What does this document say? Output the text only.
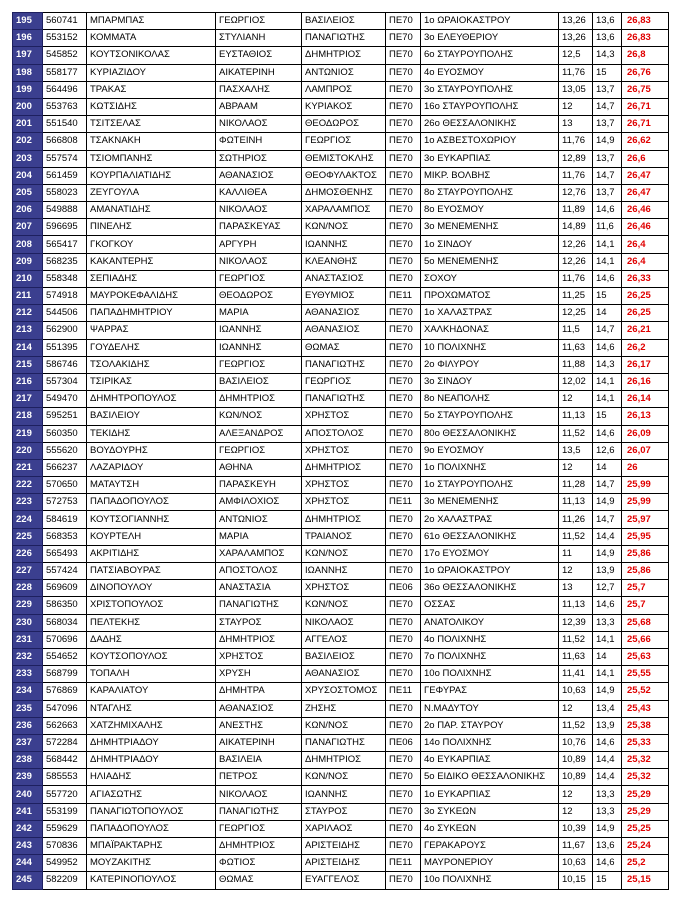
195	560741	ΜΠΑΡΜΠΑΣ	ΓΕΩΡΓΙΟΣ	ΒΑΣΙΛΕΙΟΣ	ΠΕ70	1ο ΩΡΑΙΟΚΑΣΤΡΟΥ	13,26	13,6	26,83
196	553152	ΚΟΜΜΑΤΑ	ΣΤΥΛΙΑΝΗ	ΠΑΝΑΓΙΩΤΗΣ	ΠΕ70	3ο ΕΛΕΥΘΕΡΙΟΥ	13,26	13,6	26,83
197	545852	ΚΟΥΤΣΟΝΙΚΟΛΑΣ	ΕΥΣΤΑΘΙΟΣ	ΔΗΜΗΤΡΙΟΣ	ΠΕ70	6ο ΣΤΑΥΡΟΥΠΟΛΗΣ	12,5	14,3	26,8
198	558177	ΚΥΡΙΑΖΙΔΟΥ	ΑΙΚΑΤΕΡΙΝΗ	ΑΝΤΩΝΙΟΣ	ΠΕ70	4ο ΕΥΟΣΜΟΥ	11,76	15	26,76
199	564496	ΤΡΑΚΑΣ	ΠΑΣΧΑΛΗΣ	ΛΑΜΠΡΟΣ	ΠΕ70	3ο ΣΤΑΥΡΟΥΠΟΛΗΣ	13,05	13,7	26,75
200	553763	ΚΩΤΣΙΔΗΣ	ΑΒΡΑΑΜ	ΚΥΡΙΑΚΟΣ	ΠΕ70	16ο ΣΤΑΥΡΟΥΠΟΛΗΣ	12	14,7	26,71
201	551540	ΤΣΙΤΣΕΛΑΣ	ΝΙΚΟΛΑΟΣ	ΘΕΟΔΩΡΟΣ	ΠΕ70	26ο ΘΕΣΣΑΛΟΝΙΚΗΣ	13	13,7	26,71
202	566808	ΤΣΑΚΝΑΚΗ	ΦΩΤΕΙΝΗ	ΓΕΩΡΓΙΟΣ	ΠΕ70	1ο ΑΣΒΕΣΤΟΧΩΡΙΟΥ	11,76	14,9	26,62
203	557574	ΤΣΙΟΜΠΑΝΗΣ	ΣΩΤΗΡΙΟΣ	ΘΕΜΙΣΤΟΚΛΗΣ	ΠΕ70	3ο ΕΥΚΑΡΠΙΑΣ	12,89	13,7	26,6
204	561459	ΚΟΥΡΠΑΛΙΑΤΙΔΗΣ	ΑΘΑΝΑΣΙΟΣ	ΘΕΟΦΥΛΑΚΤΟΣ	ΠΕ70	ΜΙΚΡ. ΒΟΛΒΗΣ	11,76	14,7	26,47
205	558023	ΖΕΥΓΟΥΛΑ	ΚΑΛΛΙΘΕΑ	ΔΗΜΟΣΘΕΝΗΣ	ΠΕ70	8ο ΣΤΑΥΡΟΥΠΟΛΗΣ	12,76	13,7	26,47
206	549888	ΑΜΑΝΑΤΙΔΗΣ	ΝΙΚΟΛΑΟΣ	ΧΑΡΑΛΑΜΠΟΣ	ΠΕ70	8ο ΕΥΟΣΜΟΥ	11,89	14,6	26,46
207	596695	ΠΙΝΕΛΗΣ	ΠΑΡΑΣΚΕΥΑΣ	ΚΩΝ/ΝΟΣ	ΠΕ70	3ο ΜΕΝΕΜΕΝΗΣ	14,89	11,6	26,46
208	565417	ΓΚΟΓΚΟΥ	ΑΡΓΥΡΗ	ΙΩΑΝΝΗΣ	ΠΕ70	1ο ΣΙΝΔΟΥ	12,26	14,1	26,4
209	568235	ΚΑΚΑΝΤΕΡΗΣ	ΝΙΚΟΛΑΟΣ	ΚΛΕΑΝΘΗΣ	ΠΕ70	5ο ΜΕΝΕΜΕΝΗΣ	12,26	14,1	26,4
210	558348	ΣΕΠΙΑΔΗΣ	ΓΕΩΡΓΙΟΣ	ΑΝΑΣΤΑΣΙΟΣ	ΠΕ70	ΣΟΧΟΥ	11,76	14,6	26,33
211	574918	ΜΑΥΡΟΚΕΦΑΛΙΔΗΣ	ΘΕΟΔΩΡΟΣ	ΕΥΘΥΜΙΟΣ	ΠΕ11	ΠΡΟΧΩΜΑΤΟΣ	11,25	15	26,25
212	544506	ΠΑΠΑΔΗΜΗΤΡΙΟΥ	ΜΑΡΙΑ	ΑΘΑΝΑΣΙΟΣ	ΠΕ70	1ο ΧΑΛΑΣΤΡΑΣ	12,25	14	26,25
213	562900	ΨΑΡΡΑΣ	ΙΩΑΝΝΗΣ	ΑΘΑΝΑΣΙΟΣ	ΠΕ70	ΧΑΛΚΗΔΟΝΑΣ	11,5	14,7	26,21
214	551395	ΓΟΥΔΕΛΗΣ	ΙΩΑΝΝΗΣ	ΘΩΜΑΣ	ΠΕ70	10 ΠΟΛΙΧΝΗΣ	11,63	14,6	26,2
215	586746	ΤΣΟΛΑΚΙΔΗΣ	ΓΕΩΡΓΙΟΣ	ΠΑΝΑΓΙΩΤΗΣ	ΠΕ70	2ο ΦΙΛΥΡΟΥ	11,88	14,3	26,17
216	557304	ΤΣΙΡΙΚΑΣ	ΒΑΣΙΛΕΙΟΣ	ΓΕΩΡΓΙΟΣ	ΠΕ70	3ο ΣΙΝΔΟΥ	12,02	14,1	26,16
217	549470	ΔΗΜΗΤΡΟΠΟΥΛΟΣ	ΔΗΜΗΤΡΙΟΣ	ΠΑΝΑΓΙΩΤΗΣ	ΠΕ70	8ο ΝΕΑΠΟΛΗΣ	12	14,1	26,14
218	595251	ΒΑΣΙΛΕΙΟΥ	ΚΩΝ/ΝΟΣ	ΧΡΗΣΤΟΣ	ΠΕ70	5ο ΣΤΑΥΡΟΥΠΟΛΗΣ	11,13	15	26,13
219	560350	ΤΕΚΙΔΗΣ	ΑΛΕΞΑΝΔΡΟΣ	ΑΠΟΣΤΟΛΟΣ	ΠΕ70	80ο ΘΕΣΣΑΛΟΝΙΚΗΣ	11,52	14,6	26,09
220	555620	ΒΟΥΔΟΥΡΗΣ	ΓΕΩΡΓΙΟΣ	ΧΡΗΣΤΟΣ	ΠΕ70	9ο ΕΥΟΣΜΟΥ	13,5	12,6	26,07
221	566237	ΛΑΖΑΡΙΔΟΥ	ΑΘΗΝΑ	ΔΗΜΗΤΡΙΟΣ	ΠΕ70	1ο ΠΟΛΙΧΝΗΣ	12	14	26
222	570650	ΜΑΤΑΥΤΣΗ	ΠΑΡΑΣΚΕΥΗ	ΧΡΗΣΤΟΣ	ΠΕ70	1ο ΣΤΑΥΡΟΥΠΟΛΗΣ	11,28	14,7	25,99
223	572753	ΠΑΠΑΔΟΠΟΥΛΟΣ	ΑΜΦΙΛΟΧΙΟΣ	ΧΡΗΣΤΟΣ	ΠΕ11	3ο ΜΕΝΕΜΕΝΗΣ	11,13	14,9	25,99
224	584619	ΚΟΥΤΣΟΓΙΑΝΝΗΣ	ΑΝΤΩΝΙΟΣ	ΔΗΜΗΤΡΙΟΣ	ΠΕ70	2ο ΧΑΛΑΣΤΡΑΣ	11,26	14,7	25,97
225	568353	ΚΟΥΡΤΕΛΗ	ΜΑΡΙΑ	ΤΡΑΙΑΝΟΣ	ΠΕ70	61ο ΘΕΣΣΑΛΟΝΙΚΗΣ	11,52	14,4	25,95
226	565493	ΑΚΡΙΤΙΔΗΣ	ΧΑΡΑΛΑΜΠΟΣ	ΚΩΝ/ΝΟΣ	ΠΕ70	17ο ΕΥΟΣΜΟΥ	11	14,9	25,86
227	557424	ΠΑΤΣΙΑΒΟΥΡΑΣ	ΑΠΟΣΤΟΛΟΣ	ΙΩΑΝΝΗΣ	ΠΕ70	1ο ΩΡΑΙΟΚΑΣΤΡΟΥ	12	13,9	25,86
228	569609	ΔΙΝΟΠΟΥΛΟΥ	ΑΝΑΣΤΑΣΙΑ	ΧΡΗΣΤΟΣ	ΠΕ06	36ο ΘΕΣΣΑΛΟΝΙΚΗΣ	13	12,7	25,7
229	586350	ΧΡΙΣΤΟΠΟΥΛΟΣ	ΠΑΝΑΓΙΩΤΗΣ	ΚΩΝ/ΝΟΣ	ΠΕ70	ΟΣΣΑΣ	11,13	14,6	25,7
230	568034	ΠΕΛΤΕΚΗΣ	ΣΤΑΥΡΟΣ	ΝΙΚΟΛΑΟΣ	ΠΕ70	ΑΝΑΤΟΛΙΚΟΥ	12,39	13,3	25,68
231	570696	ΔΑΔΗΣ	ΔΗΜΗΤΡΙΟΣ	ΑΓΓΕΛΟΣ	ΠΕ70	4ο ΠΟΛΙΧΝΗΣ	11,52	14,1	25,66
232	554652	ΚΟΥΤΣΟΠΟΥΛΟΣ	ΧΡΗΣΤΟΣ	ΒΑΣΙΛΕΙΟΣ	ΠΕ70	7ο ΠΟΛΙΧΝΗΣ	11,63	14	25,63
233	568799	ΤΟΠΑΛΗ	ΧΡΥΣΗ	ΑΘΑΝΑΣΙΟΣ	ΠΕ70	10ο ΠΟΛΙΧΝΗΣ	11,41	14,1	25,55
234	576869	ΚΑΡΑΛΙΑΤΟΥ	ΔΗΜΗΤΡΑ	ΧΡΥΣΟΣΤΟΜΟΣ	ΠΕ11	ΓΕΦΥΡΑΣ	10,63	14,9	25,52
235	547096	ΝΤΑΓΛΗΣ	ΑΘΑΝΑΣΙΟΣ	ΖΗΣΗΣ	ΠΕ70	Ν.ΜΑΔΥΤΟΥ	12	13,4	25,43
236	562663	ΧΑΤΖΗΜΙΧΑΛΗΣ	ΑΝΕΣΤΗΣ	ΚΩΝ/ΝΟΣ	ΠΕ70	2ο ΠΑΡ. ΣΤΑΥΡΟΥ	11,52	13,9	25,38
237	572284	ΔΗΜΗΤΡΙΑΔΟΥ	ΑΙΚΑΤΕΡΙΝΗ	ΠΑΝΑΓΙΩΤΗΣ	ΠΕ06	14ο ΠΟΛΙΧΝΗΣ	10,76	14,6	25,33
238	568442	ΔΗΜΗΤΡΙΑΔΟΥ	ΒΑΣΙΛΕΙΑ	ΔΗΜΗΤΡΙΟΣ	ΠΕ70	4ο ΕΥΚΑΡΠΙΑΣ	10,89	14,4	25,32
239	585553	ΗΛΙΑΔΗΣ	ΠΕΤΡΟΣ	ΚΩΝ/ΝΟΣ	ΠΕ70	5ο ΕΙΔΙΚΟ ΘΕΣΣΑΛΟΝΙΚΗΣ	10,89	14,4	25,32
240	557720	ΑΓΙΑΣΩΤΗΣ	ΝΙΚΟΛΑΟΣ	ΙΩΑΝΝΗΣ	ΠΕ70	1ο ΕΥΚΑΡΠΙΑΣ	12	13,3	25,29
241	553199	ΠΑΝΑΓΙΩΤΟΠΟΥΛΟΣ	ΠΑΝΑΓΙΩΤΗΣ	ΣΤΑΥΡΟΣ	ΠΕ70	3ο ΣΥΚΕΩΝ	12	13,3	25,29
242	559629	ΠΑΠΑΔΟΠΟΥΛΟΣ	ΓΕΩΡΓΙΟΣ	ΧΑΡΙΛΑΟΣ	ΠΕ70	4ο ΣΥΚΕΩΝ	10,39	14,9	25,25
243	570836	ΜΠΑΪΡΑΚΤΑΡΗΣ	ΔΗΜΗΤΡΙΟΣ	ΑΡΙΣΤΕΙΔΗΣ	ΠΕ70	ΓΕΡΑΚΑΡΟΥΣ	11,67	13,6	25,24
244	549952	ΜΟΥΖΑΚΙΤΗΣ	ΦΩΤΙΟΣ	ΑΡΙΣΤΕΙΔΗΣ	ΠΕ11	ΜΑΥΡΟΝΕΡΙΟΥ	10,63	14,6	25,2
245	582209	ΚΑΤΕΡΙΝΟΠΟΥΛΟΣ	ΘΩΜΑΣ	ΕΥΑΓΓΕΛΟΣ	ΠΕ70	10ο ΠΟΛΙΧΝΗΣ	10,15	15	25,15
